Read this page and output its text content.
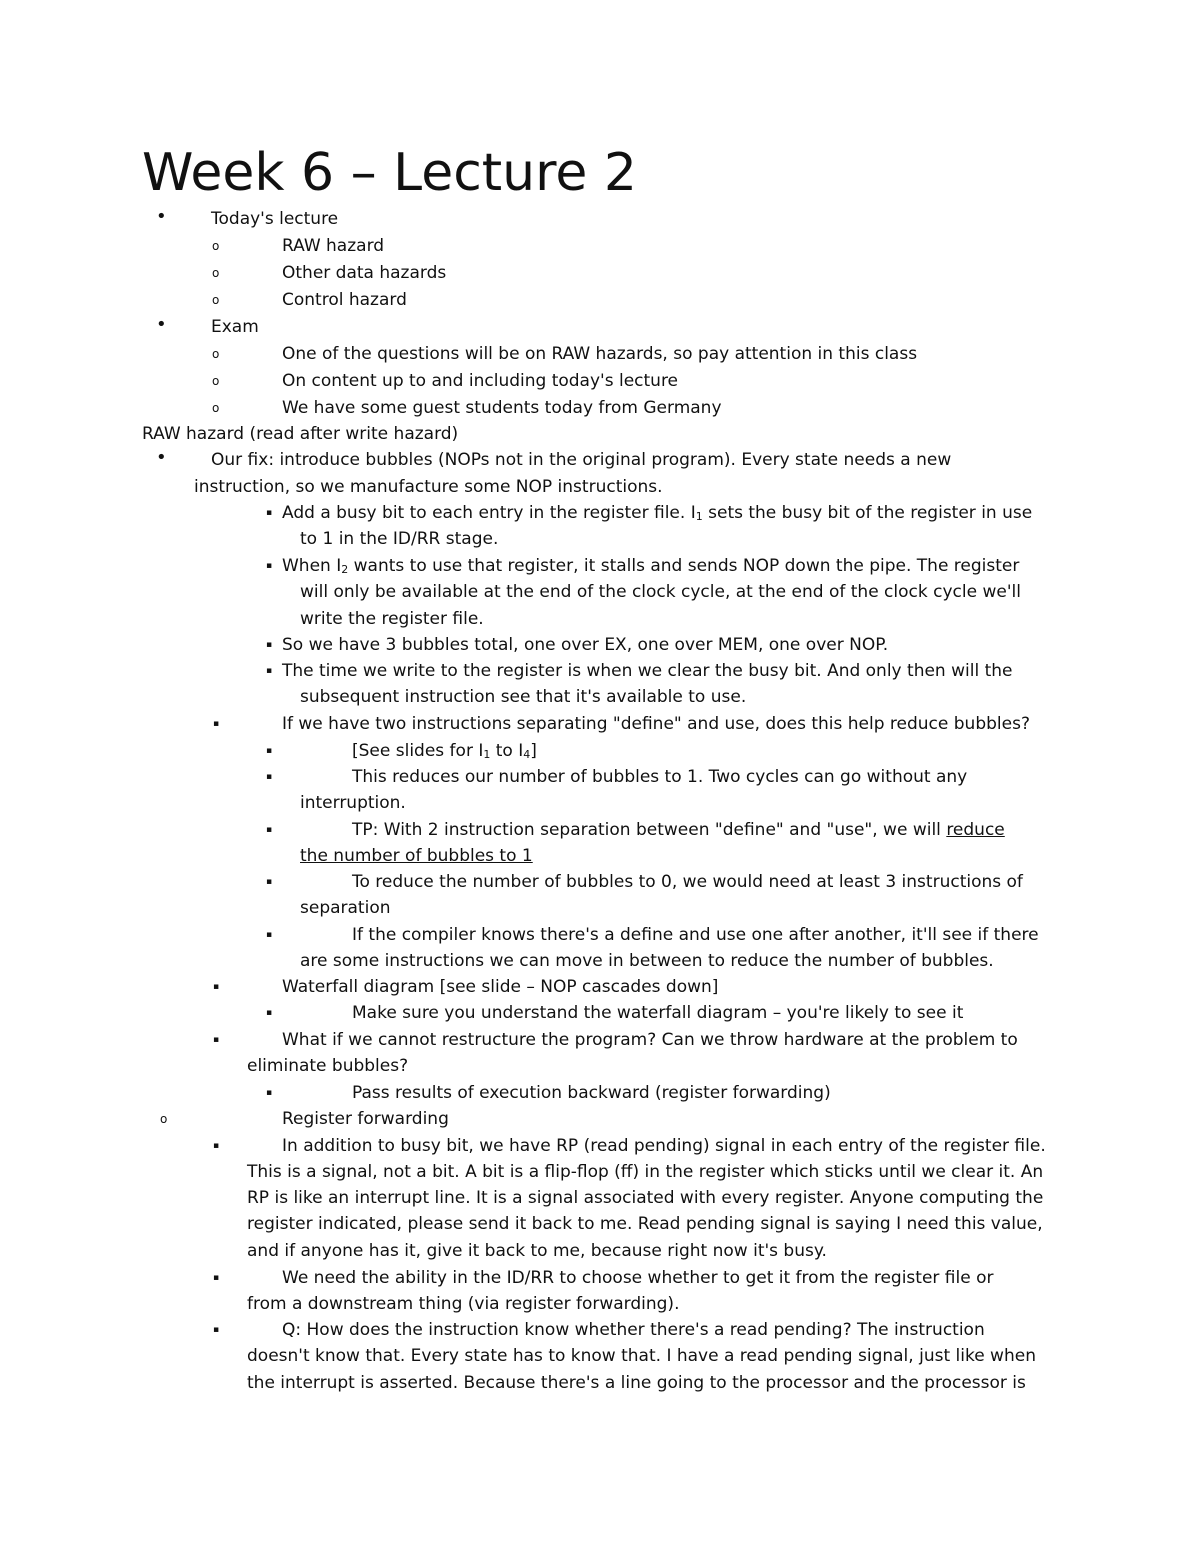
Week 6 – Lecture 2
•	Today's lecture
o	RAW hazard
o	Other data hazards
o	Control hazard
•	Exam
o	One of the questions will be on RAW hazards, so pay attention in this class
o	On content up to and including today's lecture
o	We have some guest students today from Germany
RAW hazard (read after write hazard)
•	Our fix: introduce bubbles (NOPs not in the original program). Every state needs a new
instruction, so we manufacture some NOP instructions.
▪ Add a busy bit to each entry in the register file. $I_1$ sets the busy bit of the register in use
to 1 in the ID/RR stage.
▪ When $I_2$ wants to use that register, it stalls and sends NOP down the pipe. The register
will only be available at the end of the clock cycle, at the end of the clock cycle we'll
write the register file.
▪ So we have 3 bubbles total, one over EX, one over MEM, one over NOP.
▪ The time we write to the register is when we clear the busy bit. And only then will the
subsequent instruction see that it's available to use.
▪	If we have two instructions separating "define" and use, does this help reduce bubbles?
▪	[See slides for $I_1$ to $I_4$]
▪	This reduces our number of bubbles to 1. Two cycles can go without any
interruption.
▪	TP: With 2 instruction separation between "define" and "use", we will reduce
the number of bubbles to 1
▪	To reduce the number of bubbles to 0, we would need at least 3 instructions of
separation
▪	If the compiler knows there's a define and use one after another, it'll see if there
are some instructions we can move in between to reduce the number of bubbles.
▪	Waterfall diagram [see slide – NOP cascades down]
▪	Make sure you understand the waterfall diagram – you're likely to see it
▪	What if we cannot restructure the program? Can we throw hardware at the problem to
eliminate bubbles?
▪	Pass results of execution backward (register forwarding)
o	Register forwarding
▪	In addition to busy bit, we have RP (read pending) signal in each entry of the register file.
This is a signal, not a bit. A bit is a flip-flop (ff) in the register which sticks until we clear it. An
RP is like an interrupt line. It is a signal associated with every register. Anyone computing the
register indicated, please send it back to me. Read pending signal is saying I need this value,
and if anyone has it, give it back to me, because right now it's busy.
▪	We need the ability in the ID/RR to choose whether to get it from the register file or
from a downstream thing (via register forwarding).
▪	Q: How does the instruction know whether there's a read pending? The instruction
doesn't know that. Every state has to know that. I have a read pending signal, just like when
the interrupt is asserted. Because there's a line going to the processor and the processor is
